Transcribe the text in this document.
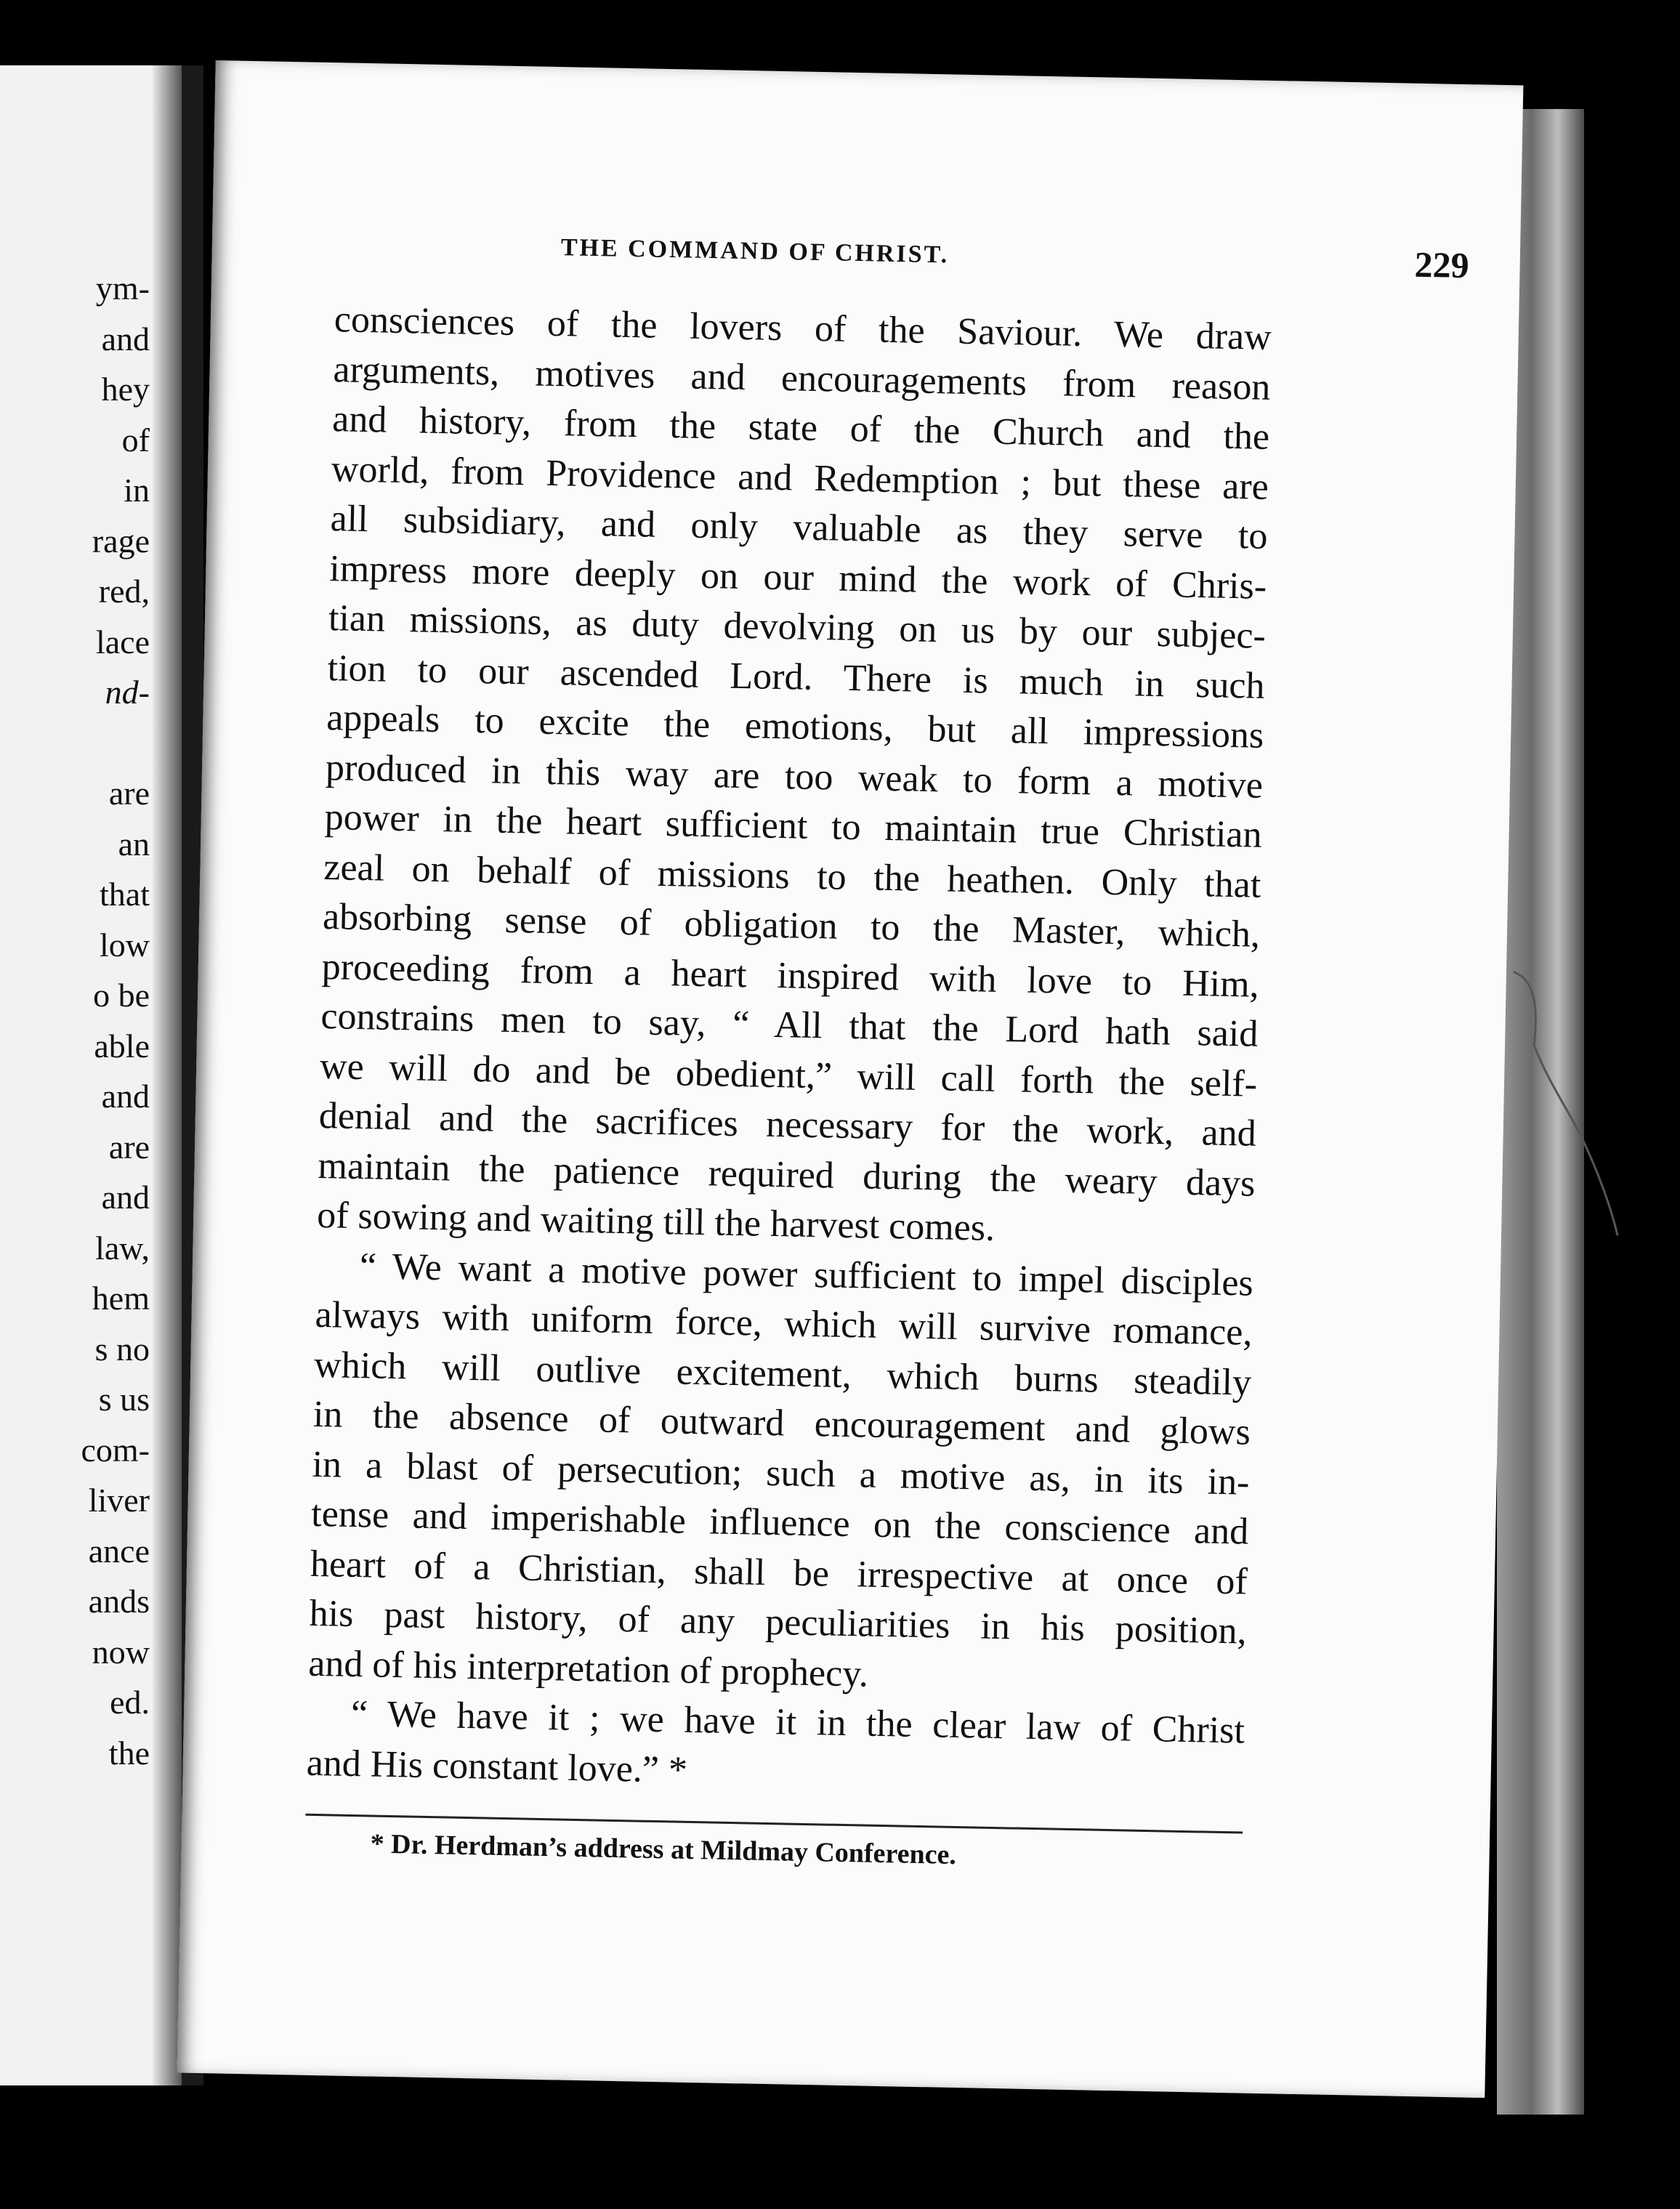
ym-
and
hey
of
in
rage
red,
lace
nd-
are
an
that
low
o be
able
and
are
and
law,
hem
s no
s us
com-
liver
ance
ands
now
ed.
the
THE COMMAND OF CHRIST.	229
consciences of the lovers of the Saviour. We draw
arguments, motives and encouragements from reason
and history, from the state of the Church and the
world, from Providence and Redemption ; but these are
all subsidiary, and only valuable as they serve to
impress more deeply on our mind the work of Chris-
tian missions, as duty devolving on us by our subjec-
tion to our ascended Lord. There is much in such
appeals to excite the emotions, but all impressions
produced in this way are too weak to form a motive
power in the heart sufficient to maintain true Christian
zeal on behalf of missions to the heathen. Only that
absorbing sense of obligation to the Master, which,
proceeding from a heart inspired with love to Him,
constrains men to say, “ All that the Lord hath said
we will do and be obedient,” will call forth the self-
denial and the sacrifices necessary for the work, and
maintain the patience required during the weary days
of sowing and waiting till the harvest comes.
“ We want a motive power sufficient to impel disciples
always with uniform force, which will survive romance,
which will outlive excitement, which burns steadily
in the absence of outward encouragement and glows
in a blast of persecution; such a motive as, in its in-
tense and imperishable influence on the conscience and
heart of a Christian, shall be irrespective at once of
his past history, of any peculiarities in his position,
and of his interpretation of prophecy.
“ We have it ; we have it in the clear law of Christ
and His constant love.” *
* Dr. Herdman’s address at Mildmay Conference.
